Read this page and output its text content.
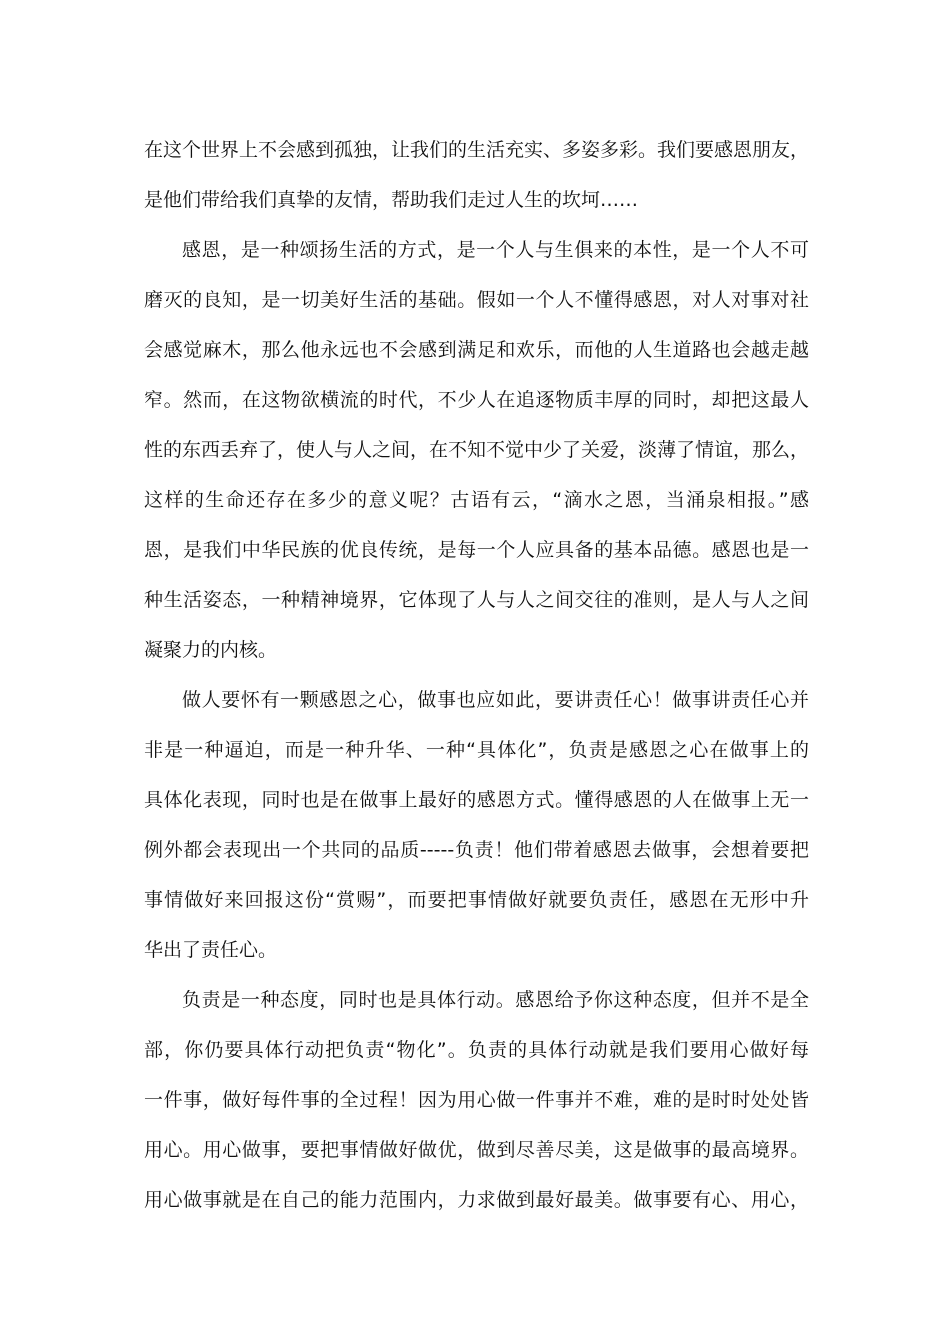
在这个世界上不会感到孤独，让我们的生活充实、多姿多彩。我们要感恩朋友，
是他们带给我们真挚的友情，帮助我们走过人生的坎坷……
感恩，是一种颂扬生活的方式，是一个人与生俱来的本性，是一个人不可
磨灭的良知，是一切美好生活的基础。假如一个人不懂得感恩，对人对事对社
会感觉麻木，那么他永远也不会感到满足和欢乐，而他的人生道路也会越走越
窄。然而，在这物欲横流的时代，不少人在追逐物质丰厚的同时，却把这最人
性的东西丢弃了，使人与人之间，在不知不觉中少了关爱，淡薄了情谊，那么，
这样的生命还存在多少的意义呢？古语有云，“滴水之恩，当涌泉相报。”感
恩，是我们中华民族的优良传统，是每一个人应具备的基本品德。感恩也是一
种生活姿态，一种精神境界，它体现了人与人之间交往的准则，是人与人之间
凝聚力的内核。
做人要怀有一颗感恩之心，做事也应如此，要讲责任心！做事讲责任心并
非是一种逼迫，而是一种升华、一种“具体化”，负责是感恩之心在做事上的
具体化表现，同时也是在做事上最好的感恩方式。懂得感恩的人在做事上无一
例外都会表现出一个共同的品质-----负责！他们带着感恩去做事，会想着要把
事情做好来回报这份“赏赐”，而要把事情做好就要负责任，感恩在无形中升
华出了责任心。
负责是一种态度，同时也是具体行动。感恩给予你这种态度，但并不是全
部，你仍要具体行动把负责“物化”。负责的具体行动就是我们要用心做好每
一件事，做好每件事的全过程！因为用心做一件事并不难，难的是时时处处皆
用心。用心做事，要把事情做好做优，做到尽善尽美，这是做事的最高境界。
用心做事就是在自己的能力范围内，力求做到最好最美。做事要有心、用心，
